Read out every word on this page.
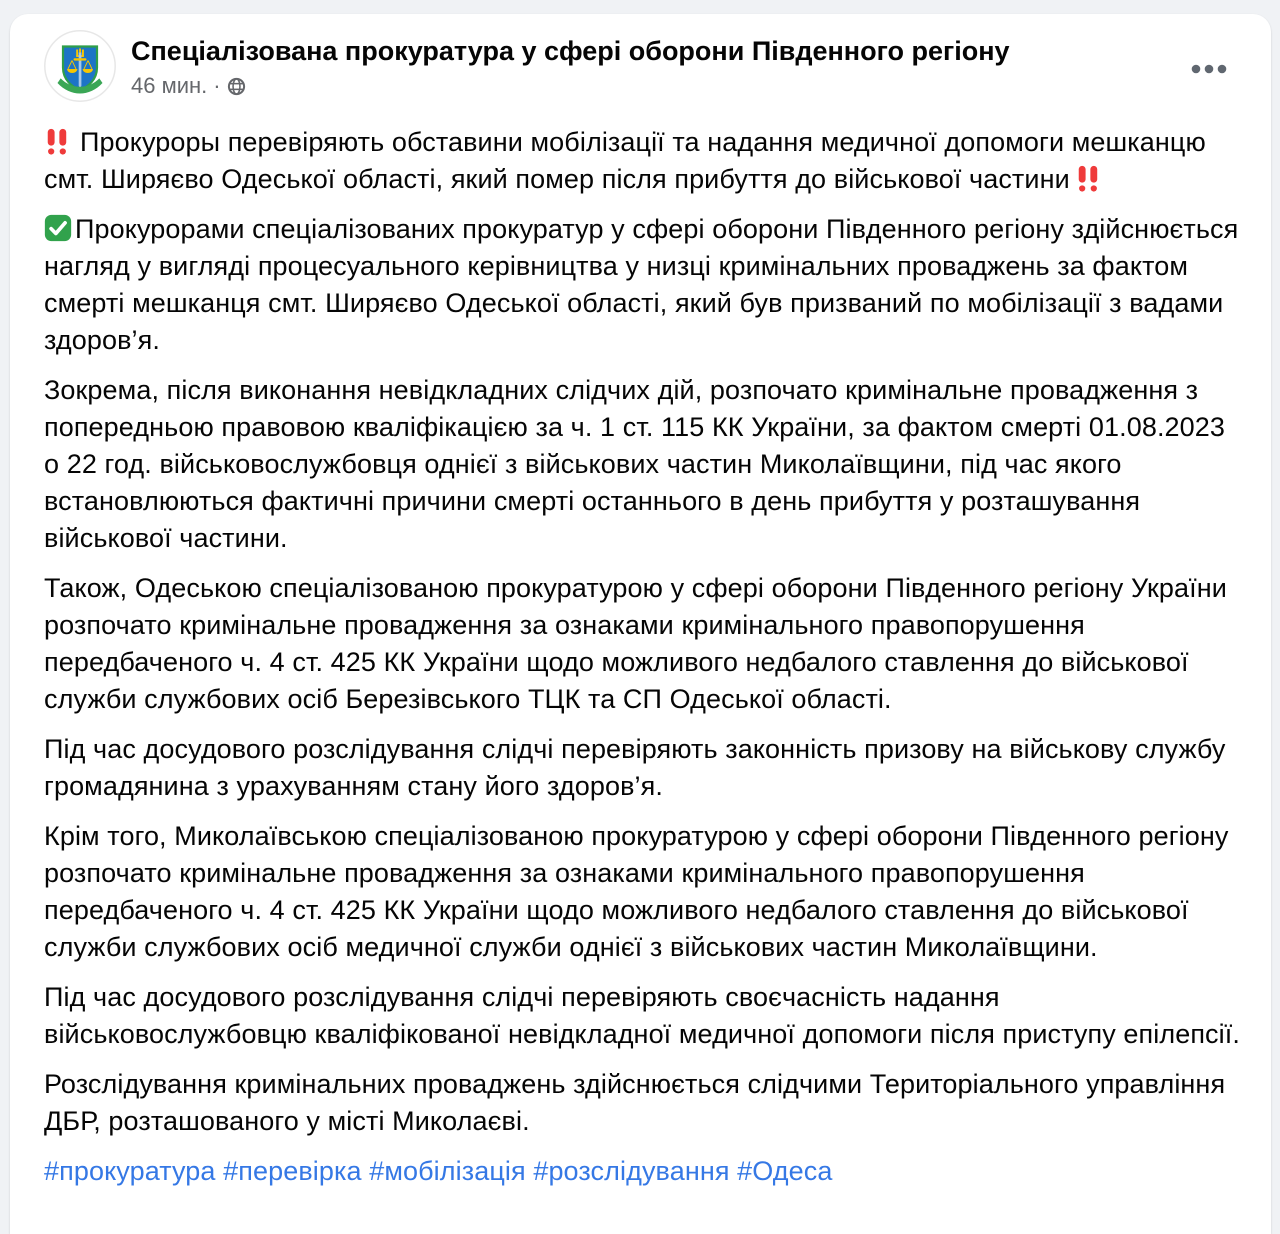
Спеціалізована прокуратура у сфері оборони Південного регіону
46 мин. ·

Прокуроры перевіряють обставини мобілізації та надання медичної допомоги мешканцю смт. Ширяєво Одеської області, який помер після прибуття до військової частини

Прокурорами спеціалізованих прокуратур у сфері оборони Південного регіону здійснюється нагляд у вигляді процесуального керівництва у низці кримінальних проваджень за фактом смерті мешканця смт. Ширяєво Одеської області, який був призваний по мобілізації з вадами здоров’я.

Зокрема, після виконання невідкладних слідчих дій, розпочато кримінальне провадження з попередньою правовою кваліфікацією за ч. 1 ст. 115 КК України, за фактом смерті 01.08.2023 о 22 год. військовослужбовця однієї з військових частин Миколаївщини, під час якого встановлюються фактичні причини смерті останнього в день прибуття у розташування військової частини.

Також, Одеською спеціалізованою прокуратурою у сфері оборони Південного регіону України розпочато кримінальне провадження за ознаками кримінального правопорушення передбаченого ч. 4 ст. 425 КК України щодо можливого недбалого ставлення до військової служби службових осіб Березівського ТЦК та СП Одеської області.

Під час досудового розслідування слідчі перевіряють законність призову на військову службу громадянина з урахуванням стану його здоров’я.

Крім того, Миколаївською спеціалізованою прокуратурою у сфері оборони Південного регіону розпочато кримінальне провадження за ознаками кримінального правопорушення передбаченого ч. 4 ст. 425 КК України щодо можливого недбалого ставлення до військової служби службових осіб медичної служби однієї з військових частин Миколаївщини.

Під час досудового розслідування слідчі перевіряють своєчасність надання військовослужбовцю кваліфікованої невідкладної медичної допомоги після приступу епілепсії.

Розслідування кримінальних проваджень здійснюється слідчими Територіального управління ДБР, розташованого у місті Миколаєві.

#прокуратура #перевірка #мобілізація #розслідування #Одеса
